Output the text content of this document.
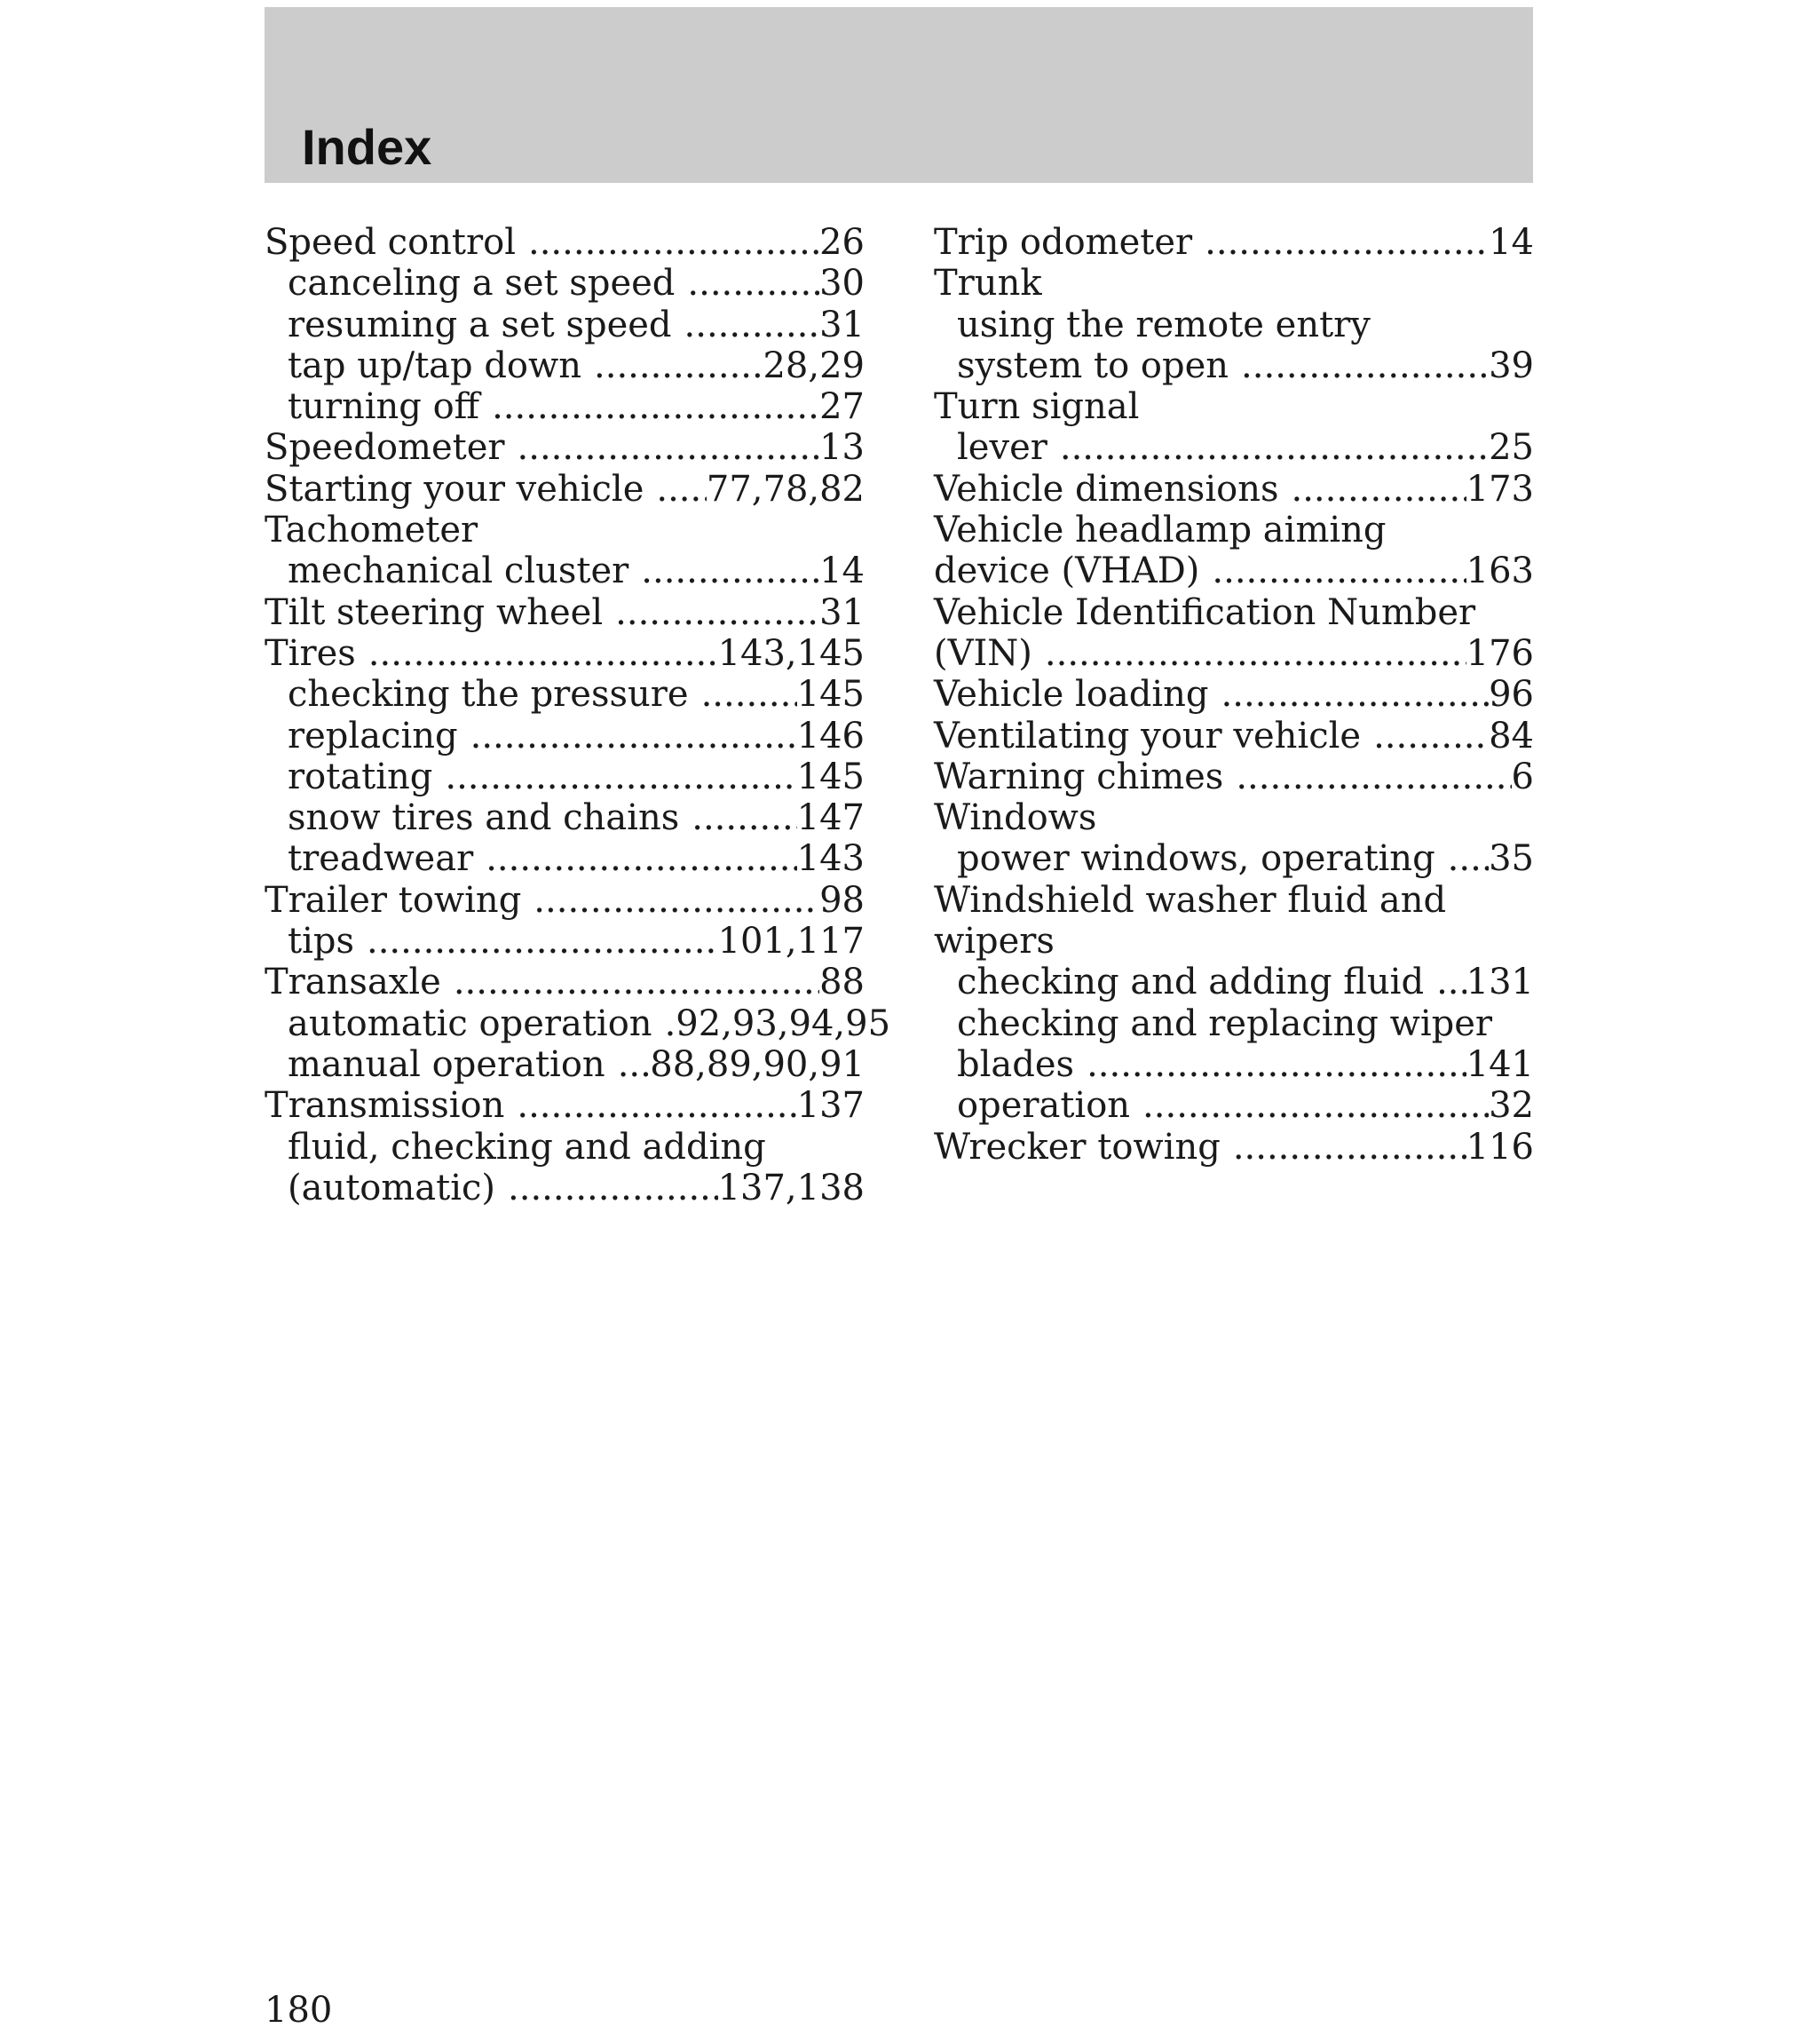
Index
Speed control .....	26
canceling a set speed .....	30
resuming a set speed .....	31
tap up/tap down .....	28,29
turning off .....	27
Speedometer .....	13
Starting your vehicle ..... 77,78,82
Tachometer
mechanical cluster .....	14
Tilt steering wheel .....	31
Tires .....	143,145
checking the pressure .....	145
replacing .....	146
rotating .....	145
snow tires and chains .....	147
treadwear .....	143
Trailer towing .....	98
tips .....	101,117
Transaxle .....	88
automatic operation .92,93,94,95
manual operation ..... 88,89,90,91
Transmission .....	137
fluid, checking and adding
(automatic) .....	137,138
Trip odometer .....	14
Trunk
using the remote entry
system to open .....	39
Turn signal
lever .....	25
Vehicle dimensions .....	173
Vehicle headlamp aiming
device (VHAD) .....	163
Vehicle Identification Number
(VIN) .....	176
Vehicle loading .....	96
Ventilating your vehicle .....	84
Warning chimes .....	6
Windows
power windows, operating ..... 35
Windshield washer fluid and
wipers
checking and adding fluid ..... 131
checking and replacing wiper
blades .....	141
operation .....	32
Wrecker towing .....	116
180
